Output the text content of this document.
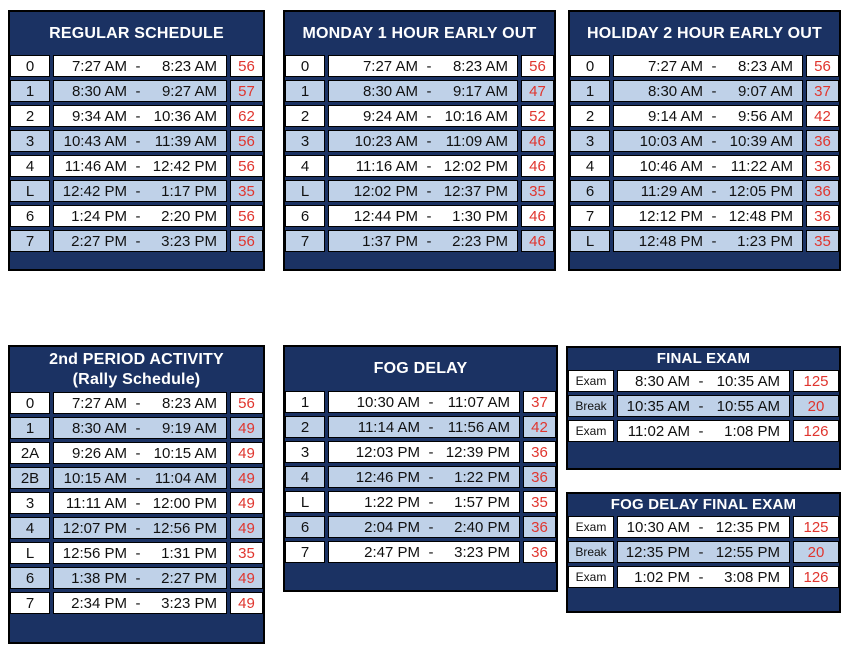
REGULAR SCHEDULE
0	7:27 AM -	8:23 AM	56
1	8:30 AM -	9:27 AM	57
2	9:34 AM - 10:36 AM	62
3	10:43 AM - 11:39 AM	56
4	11:46 AM - 12:42 PM	56
L	12:42 PM -	1:17 PM	35
6	1:24 PM -	2:20 PM	56
7	2:27 PM -	3:23 PM	56
MONDAY 1 HOUR EARLY OUT
0	7:27 AM -	8:23 AM	56
1	8:30 AM -	9:17 AM	47
2	9:24 AM - 10:16 AM	52
3	10:23 AM - 11:09 AM	46
4	11:16 AM - 12:02 PM	46
L	12:02 PM - 12:37 PM	35
6	12:44 PM -	1:30 PM	46
7	1:37 PM -	2:23 PM	46
HOLIDAY 2 HOUR EARLY OUT
0	7:27 AM -	8:23 AM	56
1	8:30 AM -	9:07 AM	37
2	9:14 AM -	9:56 AM	42
3	10:03 AM - 10:39 AM	36
4	10:46 AM - 11:22 AM	36
6	11:29 AM - 12:05 PM	36
7	12:12 PM - 12:48 PM	36
L	12:48 PM -	1:23 PM	35
2nd PERIOD ACTIVITY
(Rally Schedule)
0	7:27 AM -	8:23 AM	56
1	8:30 AM -	9:19 AM	49
2A	9:26 AM - 10:15 AM	49
2B	10:15 AM - 11:04 AM	49
3	11:11 AM - 12:00 PM	49
4	12:07 PM - 12:56 PM	49
L	12:56 PM -	1:31 PM	35
6	1:38 PM -	2:27 PM	49
7	2:34 PM -	3:23 PM	49
FOG DELAY
1	10:30 AM - 11:07 AM	37
2	11:14 AM - 11:56 AM	42
3	12:03 PM - 12:39 PM	36
4	12:46 PM -	1:22 PM	36
L	1:22 PM -	1:57 PM	35
6	2:04 PM -	2:40 PM	36
7	2:47 PM -	3:23 PM	36
FINAL EXAM
Exam	8:30 AM - 10:35 AM	125
Break	10:35 AM - 10:55 AM	20
Exam	11:02 AM -	1:08 PM	126
FOG DELAY FINAL EXAM
Exam	10:30 AM - 12:35 PM	125
Break	12:35 PM - 12:55 PM	20
Exam	1:02 PM -	3:08 PM	126
